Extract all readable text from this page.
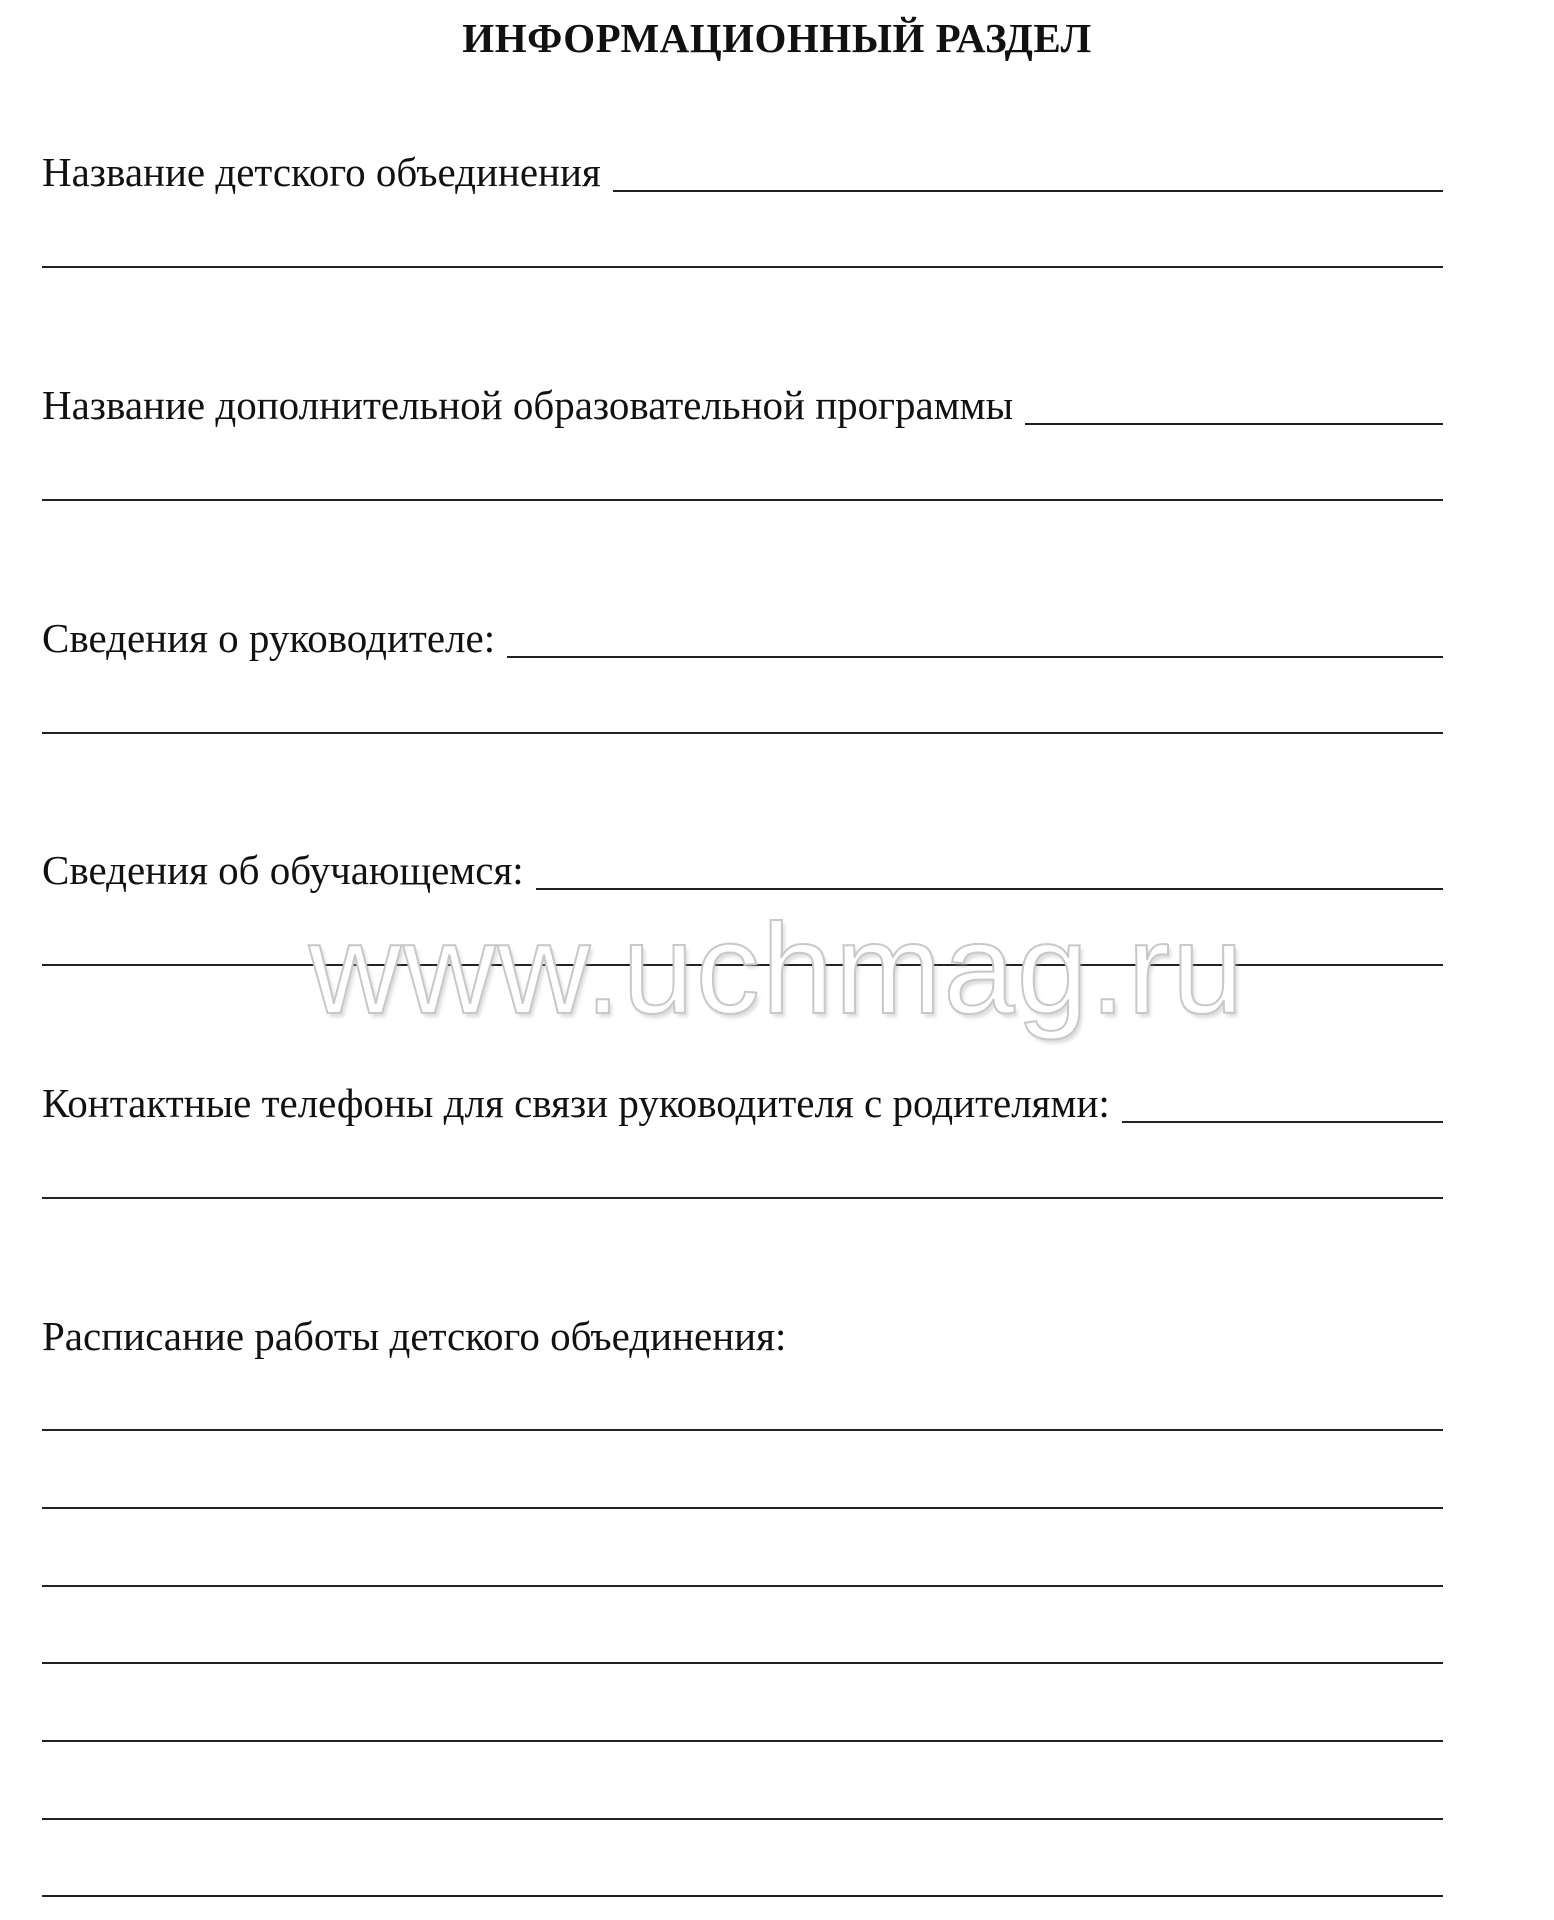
ИНФОРМАЦИОННЫЙ РАЗДЕЛ
Название детского объединения
Название дополнительной образовательной программы
Сведения о руководителе:
Сведения об обучающемся:
Контактные телефоны для связи руководителя с родителями:
Расписание работы детского объединения:
www.uchmag.ru
